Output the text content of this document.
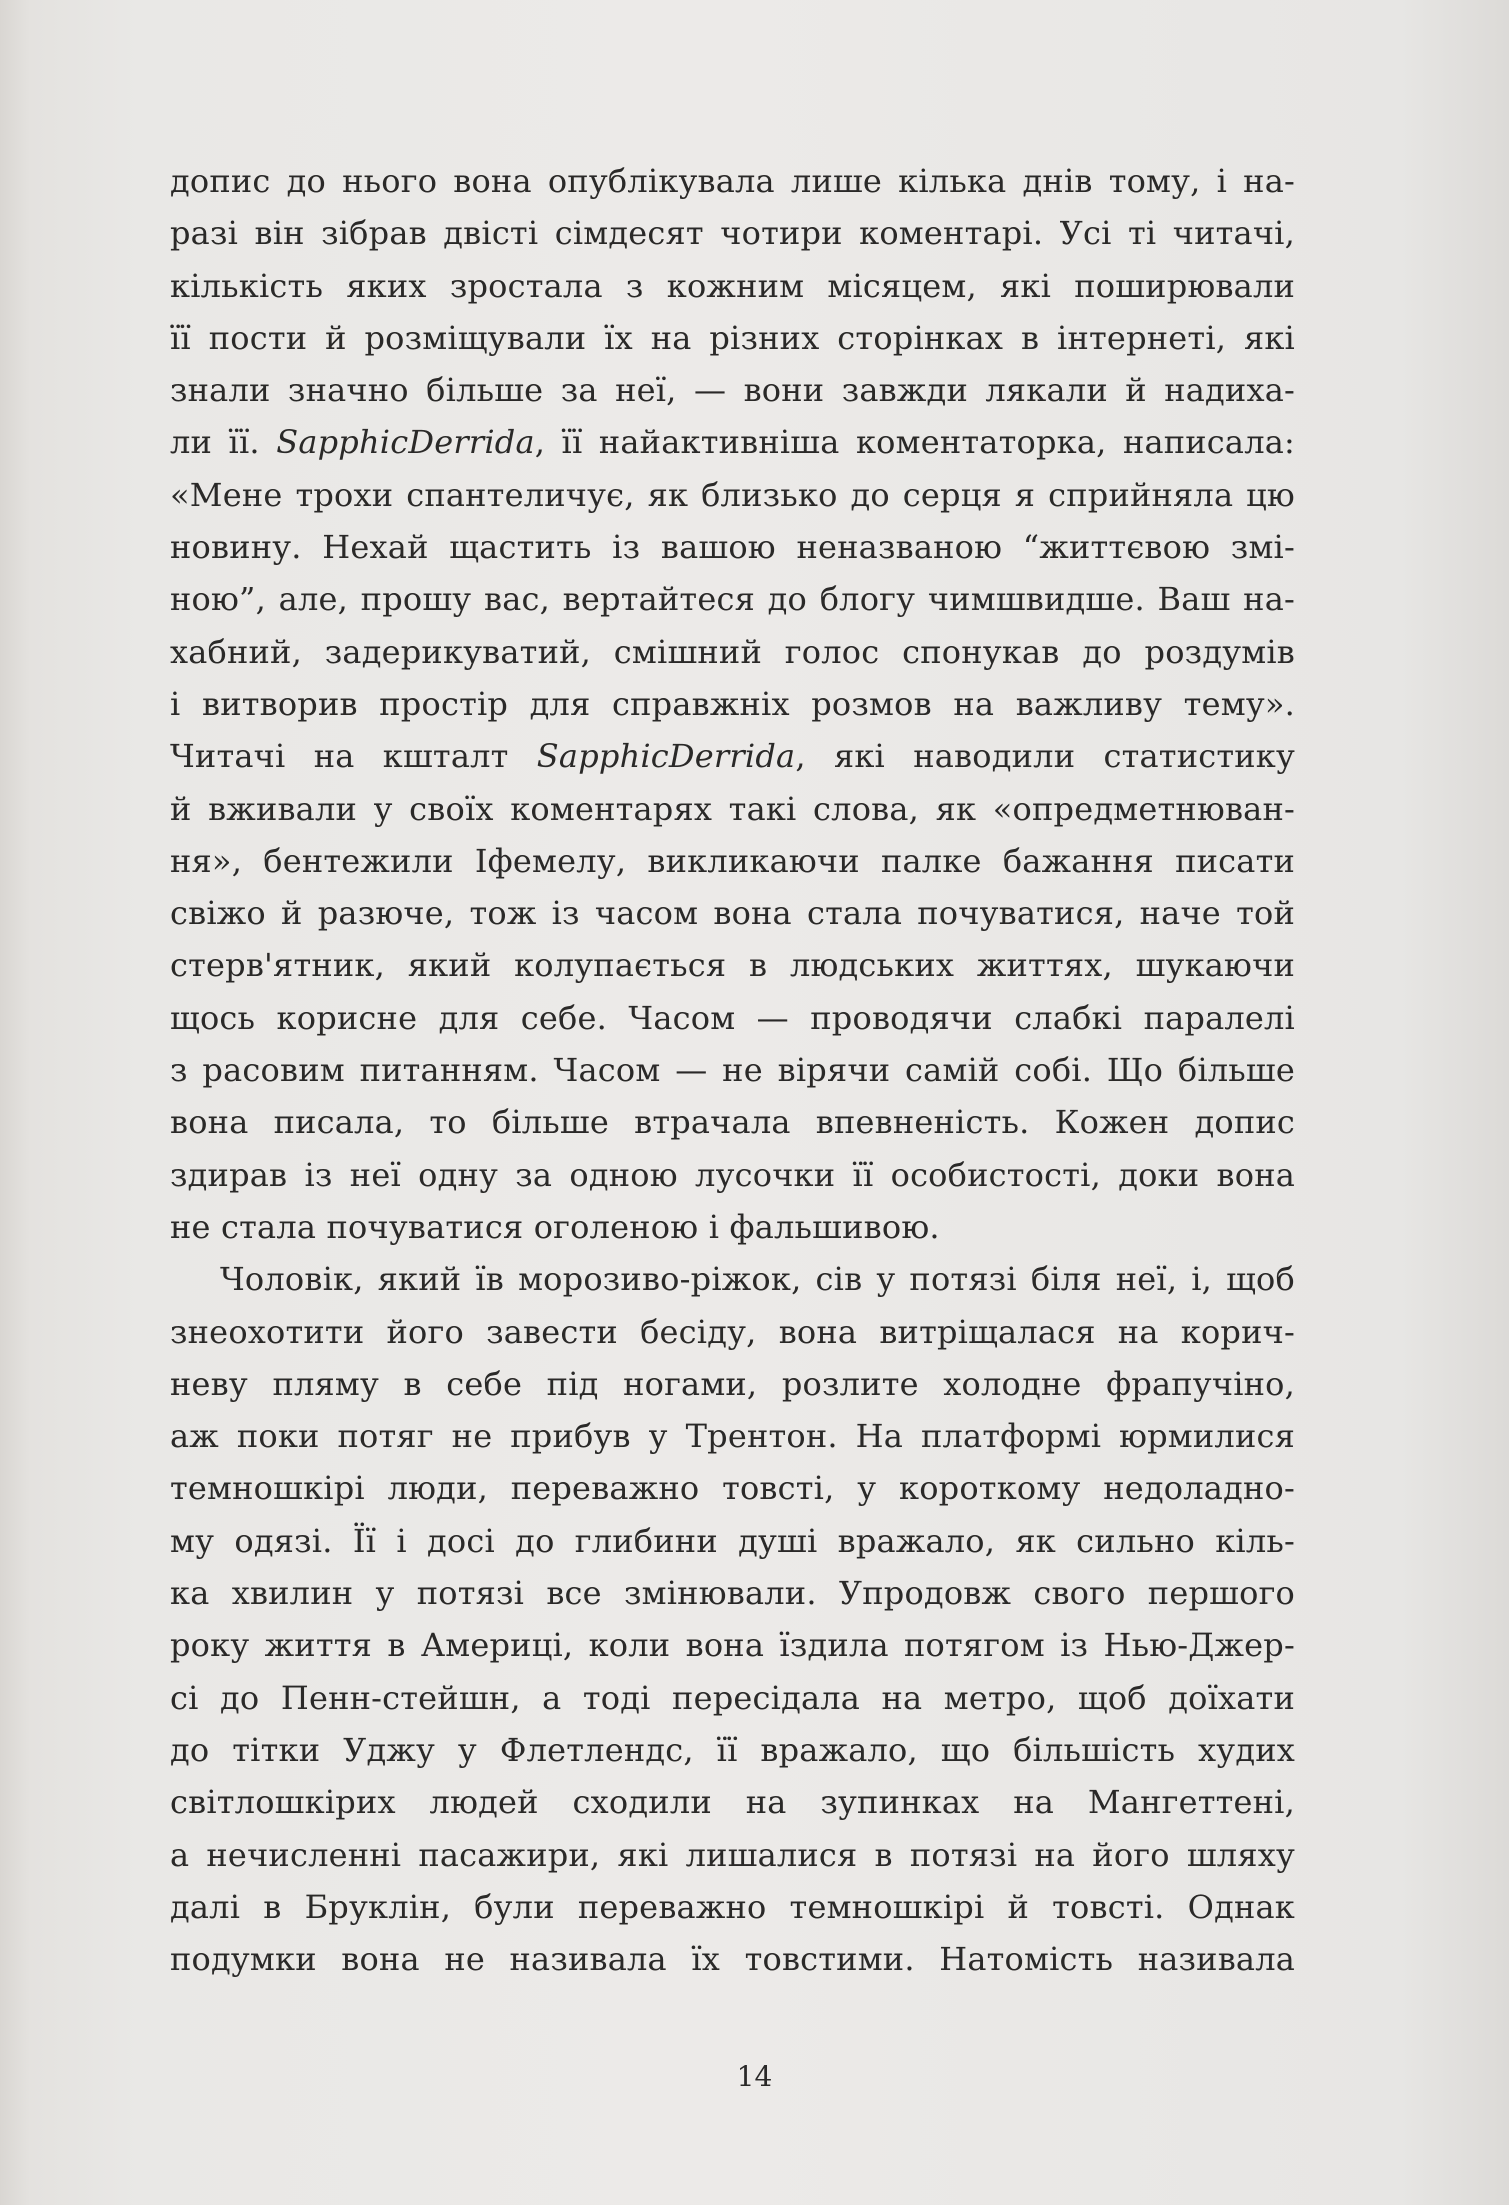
допис до нього вона опублікувала лише кілька днів тому, і на-
разі він зібрав двісті сімдесят чотири коментарі. Усі ті читачі,
кількість яких зростала з кожним місяцем, які поширювали
її пости й розміщували їх на різних сторінках в інтернеті, які
знали значно більше за неї, — вони завжди лякали й надиха-
ли її. SapphicDerrida, її найактивніша коментаторка, написала:
«Мене трохи спантеличує, як близько до серця я сприйняла цю
новину. Нехай щастить із вашою неназваною “життєвою змі-
ною”, але, прошу вас, вертайтеся до блогу чимшвидше. Ваш на-
хабний, задерикуватий, смішний голос спонукав до роздумів
і витворив простір для справжніх розмов на важливу тему».
Читачі на кшталт SapphicDerrida, які наводили статистику
й вживали у своїх коментарях такі слова, як «опредметнюван-
ня», бентежили Іфемелу, викликаючи палке бажання писати
свіжо й разюче, тож із часом вона стала почуватися, наче той
стерв'ятник, який колупається в людських життях, шукаючи
щось корисне для себе. Часом — проводячи слабкі паралелі
з расовим питанням. Часом — не вірячи самій собі. Що більше
вона писала, то більше втрачала впевненість. Кожен допис
здирав із неї одну за одною лусочки її особистості, доки вона
не стала почуватися оголеною і фальшивою.
Чоловік, який їв морозиво-ріжок, сів у потязі біля неї, і, щоб
знеохотити його завести бесіду, вона витріщалася на корич-
неву пляму в себе під ногами, розлите холодне фрапучіно,
аж поки потяг не прибув у Трентон. На платформі юрмилися
темношкірі люди, переважно товсті, у короткому недоладно-
му одязі. Її і досі до глибини душі вражало, як сильно кіль-
ка хвилин у потязі все змінювали. Упродовж свого першого
року життя в Америці, коли вона їздила потягом із Нью-Джер-
сі до Пенн-стейшн, а тоді пересідала на метро, щоб доїхати
до тітки Уджу у Флетлендс, її вражало, що більшість худих
світлошкірих людей сходили на зупинках на Мангеттені,
а нечисленні пасажири, які лишалися в потязі на його шляху
далі в Бруклін, були переважно темношкірі й товсті. Однак
подумки вона не називала їх товстими. Натомість називала
14
